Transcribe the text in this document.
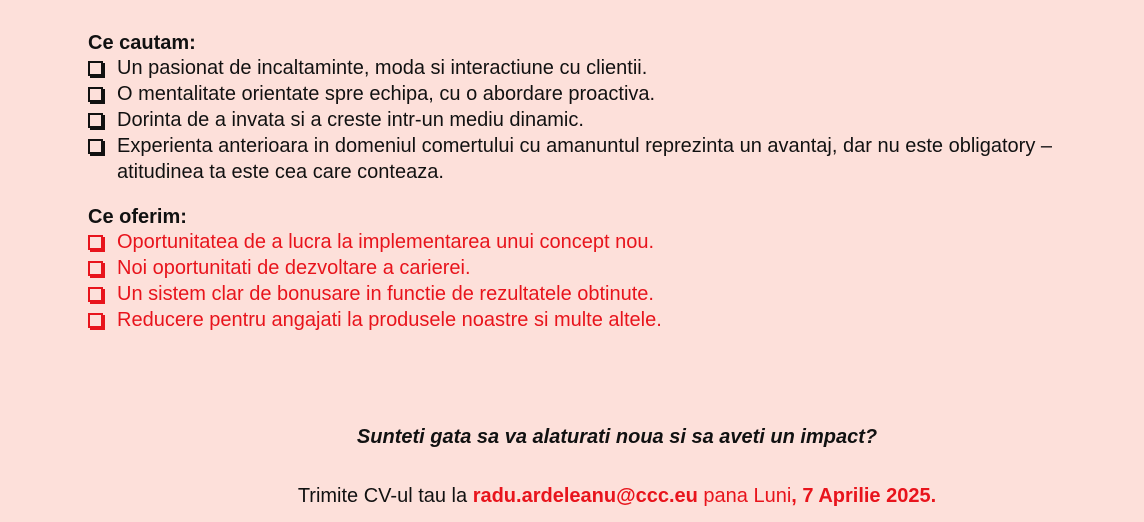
Ce cautam:
Un pasionat de incaltaminte, moda si interactiune cu clientii.
O mentalitate orientate spre echipa, cu o abordare proactiva.
Dorinta de a invata si a creste intr-un mediu dinamic.
Experienta anterioara in domeniul comertului cu amanuntul reprezinta un avantaj, dar nu este obligatory – atitudinea ta este cea care conteaza.
Ce oferim:
Oportunitatea de a lucra la implementarea unui concept nou.
Noi oportunitati de dezvoltare a carierei.
Un sistem clar de bonusare in functie de rezultatele obtinute.
Reducere pentru angajati la produsele noastre si multe altele.
Sunteti gata sa va alaturati noua si sa aveti un impact?
Trimite CV-ul tau la radu.ardeleanu@ccc.eu pana Luni, 7 Aprilie 2025.
